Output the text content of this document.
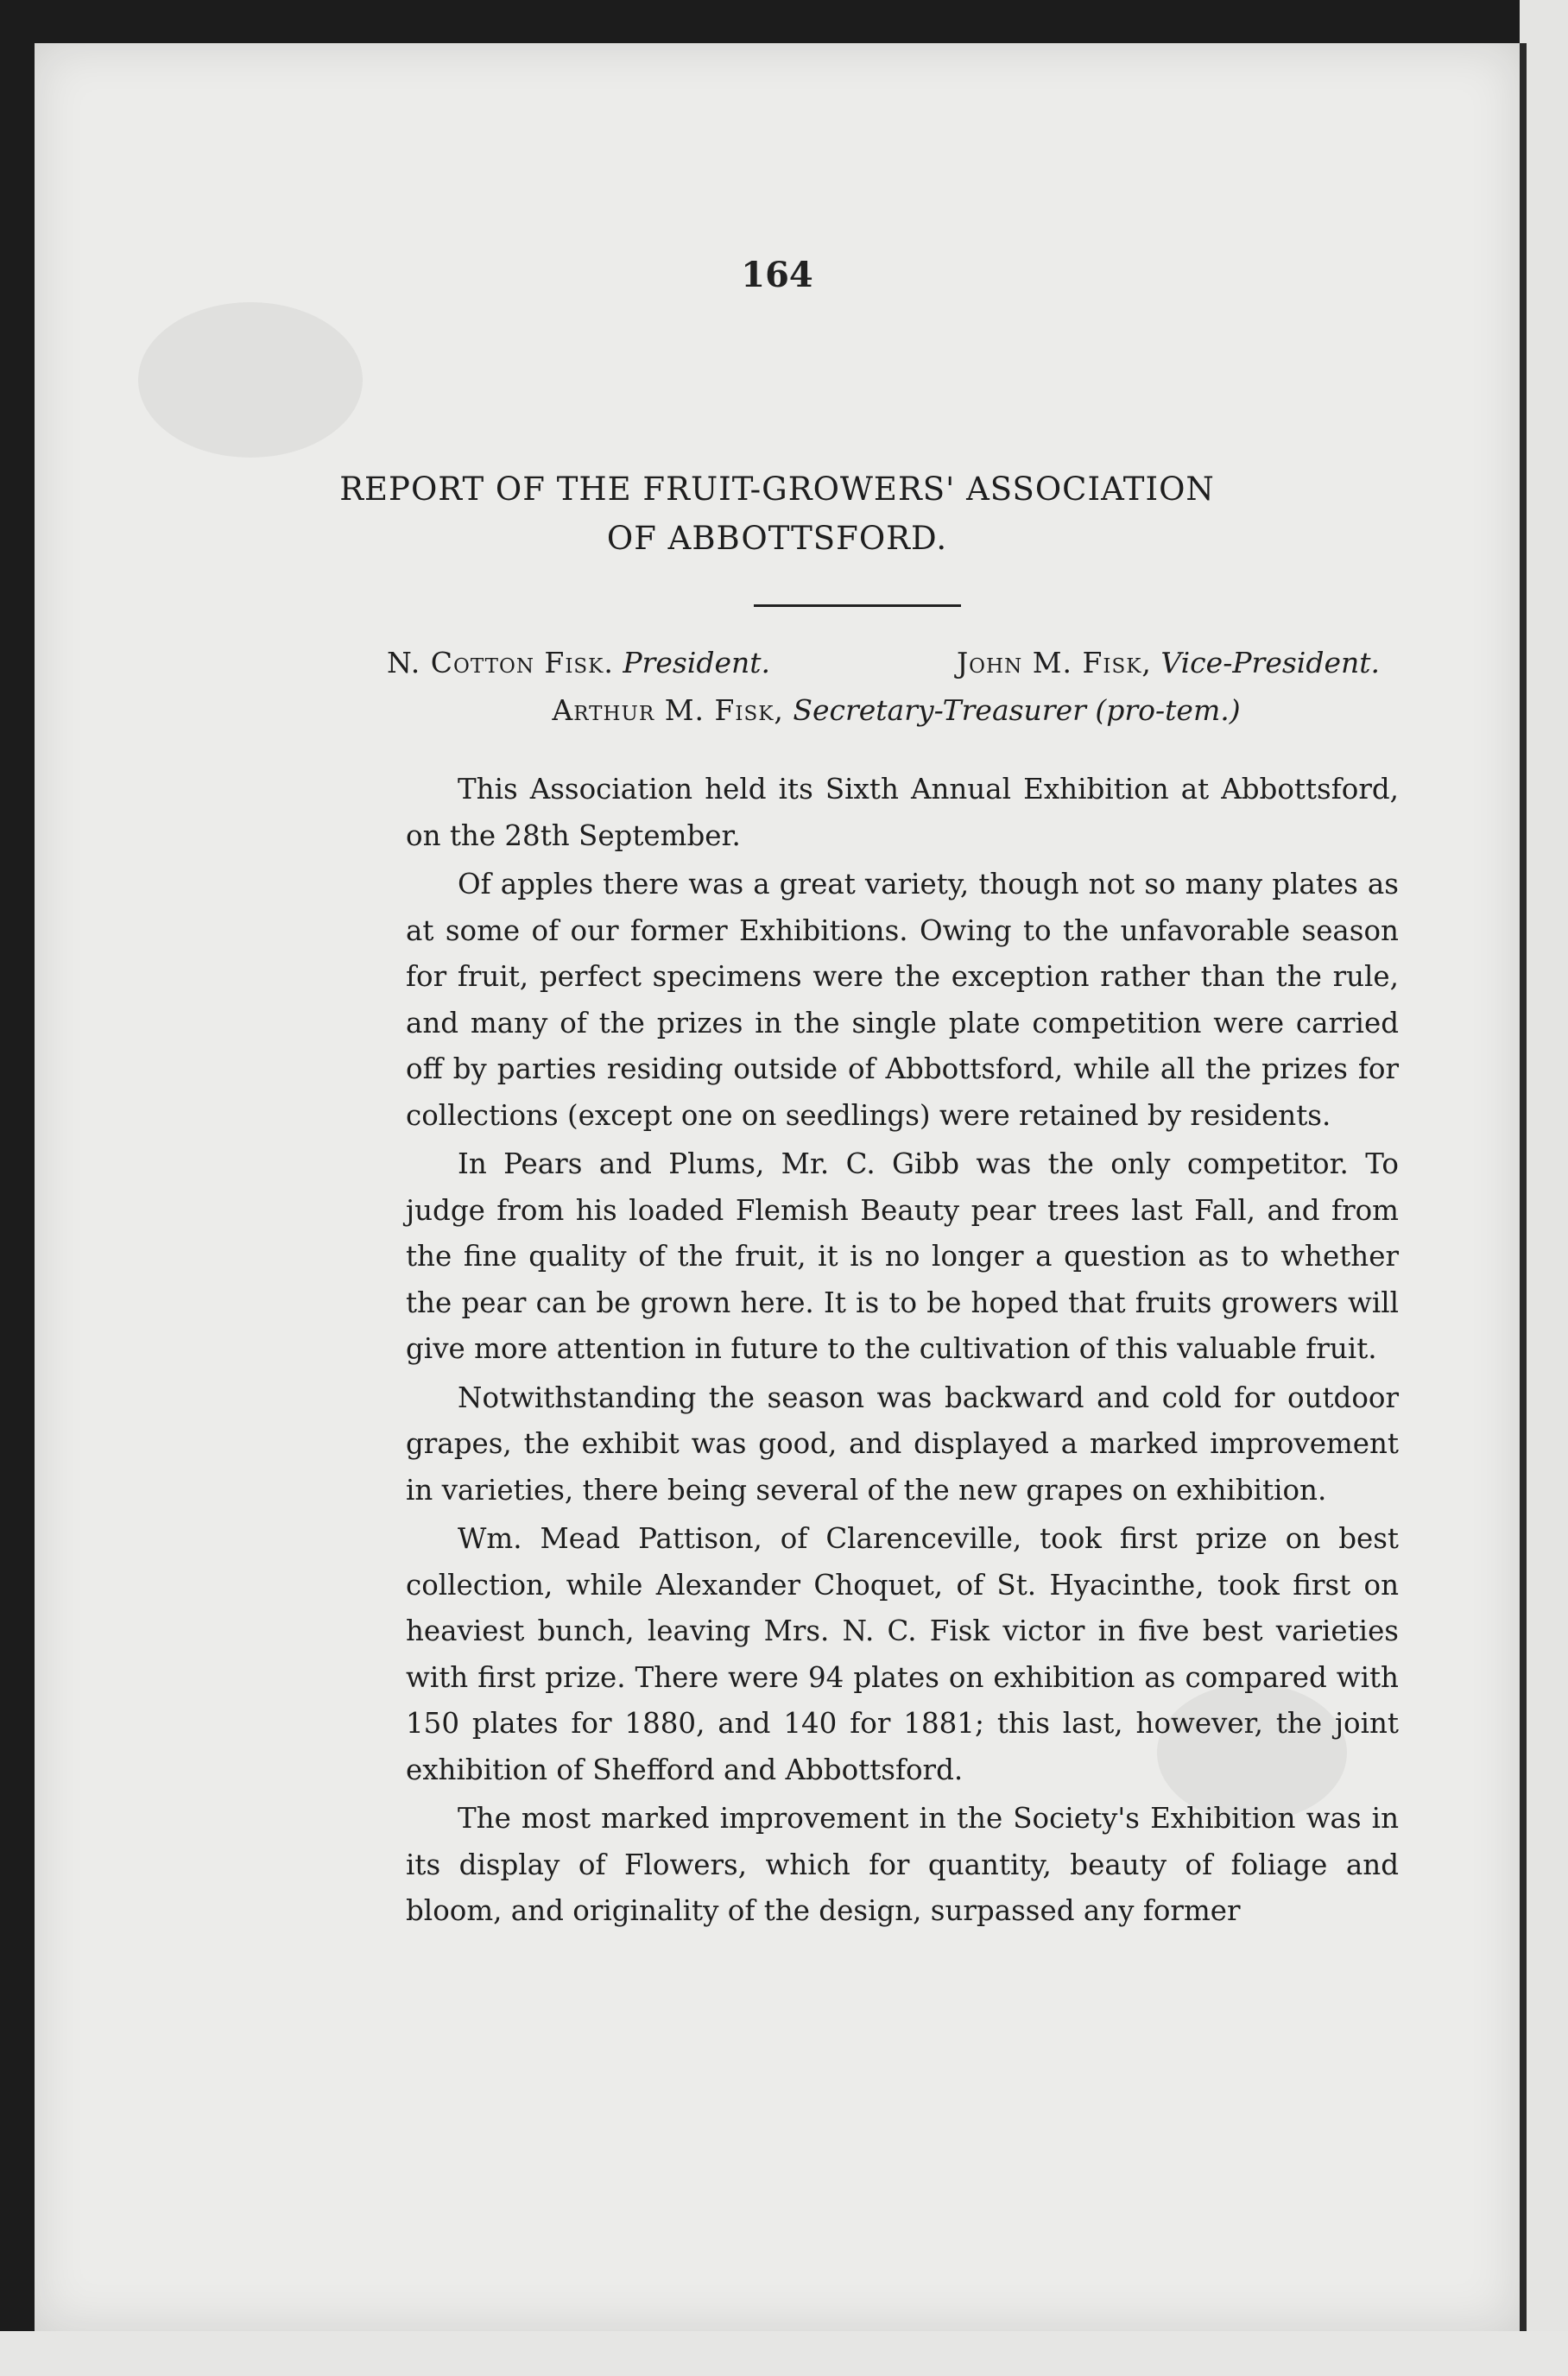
164
REPORT OF THE FRUIT-GROWERS' ASSOCIATION
OF ABBOTTSFORD.
N. Cotton Fisk. President.	John M. Fisk, Vice-President.
Arthur M. Fisk, Secretary-Treasurer (pro-tem.)

This Association held its Sixth Annual Exhibition at Abbottsford, on the 28th September.

Of apples there was a great variety, though not so many plates as at some of our former Exhibitions. Owing to the unfavorable season for fruit, perfect specimens were the exception rather than the rule, and many of the prizes in the single plate competition were carried off by parties residing outside of Abbottsford, while all the prizes for collections (except one on seedlings) were retained by residents.

In Pears and Plums, Mr. C. Gibb was the only competitor. To judge from his loaded Flemish Beauty pear trees last Fall, and from the fine quality of the fruit, it is no longer a question as to whether the pear can be grown here. It is to be hoped that fruits growers will give more attention in future to the cultivation of this valuable fruit.

Notwithstanding the season was backward and cold for outdoor grapes, the exhibit was good, and displayed a marked improvement in varieties, there being several of the new grapes on exhibition.

Wm. Mead Pattison, of Clarenceville, took first prize on best collection, while Alexander Choquet, of St. Hyacinthe, took first on heaviest bunch, leaving Mrs. N. C. Fisk victor in five best varieties with first prize. There were 94 plates on exhibition as compared with 150 plates for 1880, and 140 for 1881; this last, however, the joint exhibition of Shefford and Abbottsford.

The most marked improvement in the Society's Exhibition was in its display of Flowers, which for quantity, beauty of foliage and bloom, and originality of the design, surpassed any former
